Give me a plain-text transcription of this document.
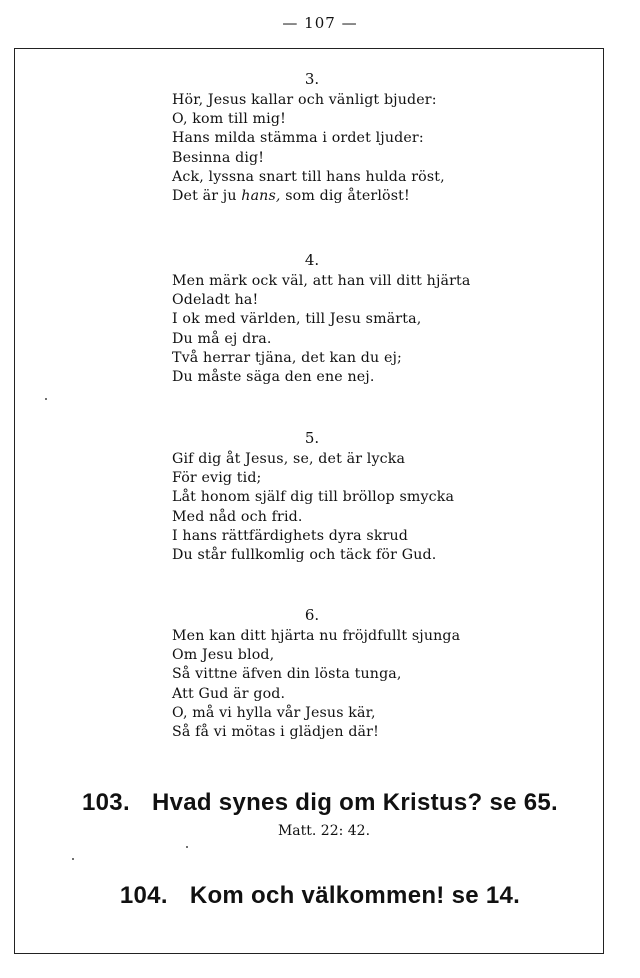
— 107 —
3.
Hör, Jesus kallar och vänligt bjuder:
O, kom till mig!
Hans milda stämma i ordet ljuder:
Besinna dig!
Ack, lyssna snart till hans hulda röst,
Det är ju hans, som dig återlöst!
4.
Men märk ock väl, att han vill ditt hjärta
Odeladt ha!
I ok med världen, till Jesu smärta,
Du må ej dra.
Två herrar tjäna, det kan du ej;
Du måste säga den ene nej.
5.
Gif dig åt Jesus, se, det är lycka
För evig tid;
Låt honom själf dig till bröllop smycka
Med nåd och frid.
I hans rättfärdighets dyra skrud
Du står fullkomlig och täck för Gud.
6.
Men kan ditt hjärta nu fröjdfullt sjunga
Om Jesu blod,
Så vittne äfven din lösta tunga,
Att Gud är god.
O, må vi hylla vår Jesus kär,
Så få vi mötas i glädjen där!
103. Hvad synes dig om Kristus? se 65.
Matt. 22: 42.
104. Kom och välkommen! se 14.
